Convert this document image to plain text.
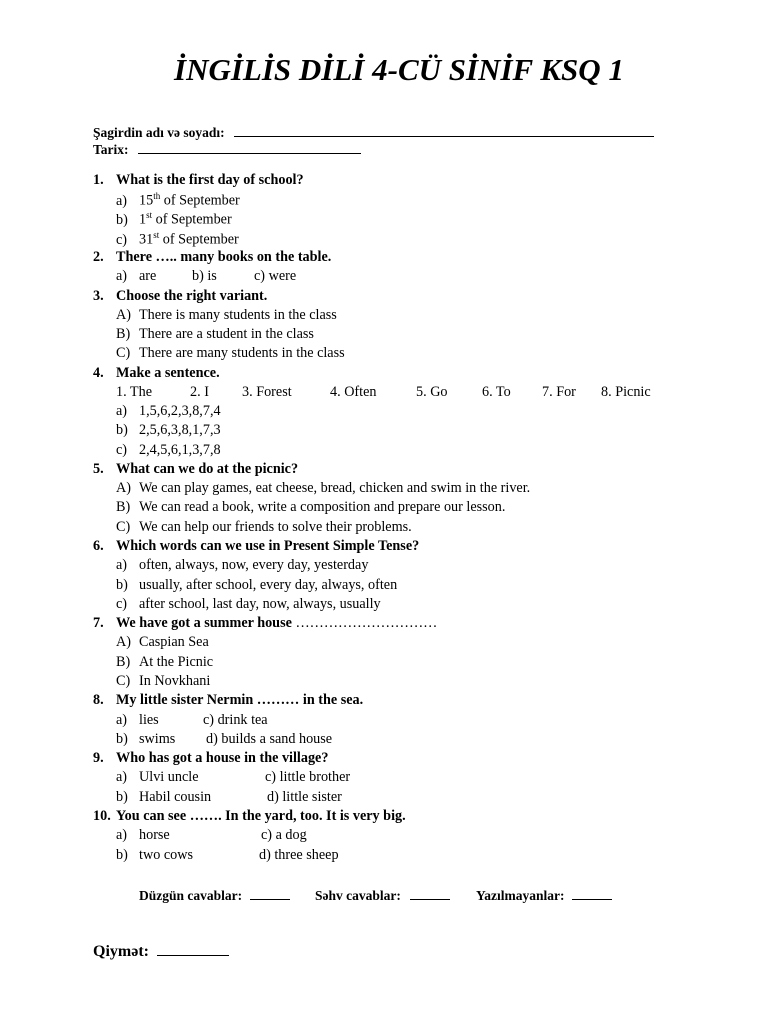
İNGİLİS DİLİ 4-CÜ SİNİF KSQ 1
Şagirdin adı və soyadı:
Tarix:
1. What is the first day of school?
a) 15th of September
b) 1st of September
c) 31st of September
2. There ….. many books on the table.
a) are	b) is	c) were
3. Choose the right variant.
A) There is many students in the class
B) There are a student in the class
C) There are many students in the class
4. Make a sentence.
1. The	2. I 3. Forest	4. Often	5. Go 6. To 7. For 8. Picnic
a) 1,5,6,2,3,8,7,4
b) 2,5,6,3,8,1,7,3
c) 2,4,5,6,1,3,7,8
5. What can we do at the picnic?
A) We can play games, eat cheese, bread, chicken and swim in the river.
B) We can read a book, write a composition and prepare our lesson.
C) We can help our friends to solve their problems.
6. Which words can we use in Present Simple Tense?
a) often, always, now, every day, yesterday
b) usually, after school, every day, always, often
c) after school, last day, now, always, usually
7. We have got a summer house …………………………
A) Caspian Sea
B) At the Picnic
C) In Novkhani
8. My little sister Nermin ……… in the sea.
a) lies	c) drink tea
b) swims d) builds a sand house
9. Who has got a house in the village?
a) Ulvi uncle	c) little brother
b) Habil cousin	d) little sister
10. You can see ……. In the yard, too. It is very big.
a) horse	c) a dog
b) two cows	d) three sheep
Düzgün cavablar:	Səhv cavablar:	Yazılmayanlar:
Qiymət:
